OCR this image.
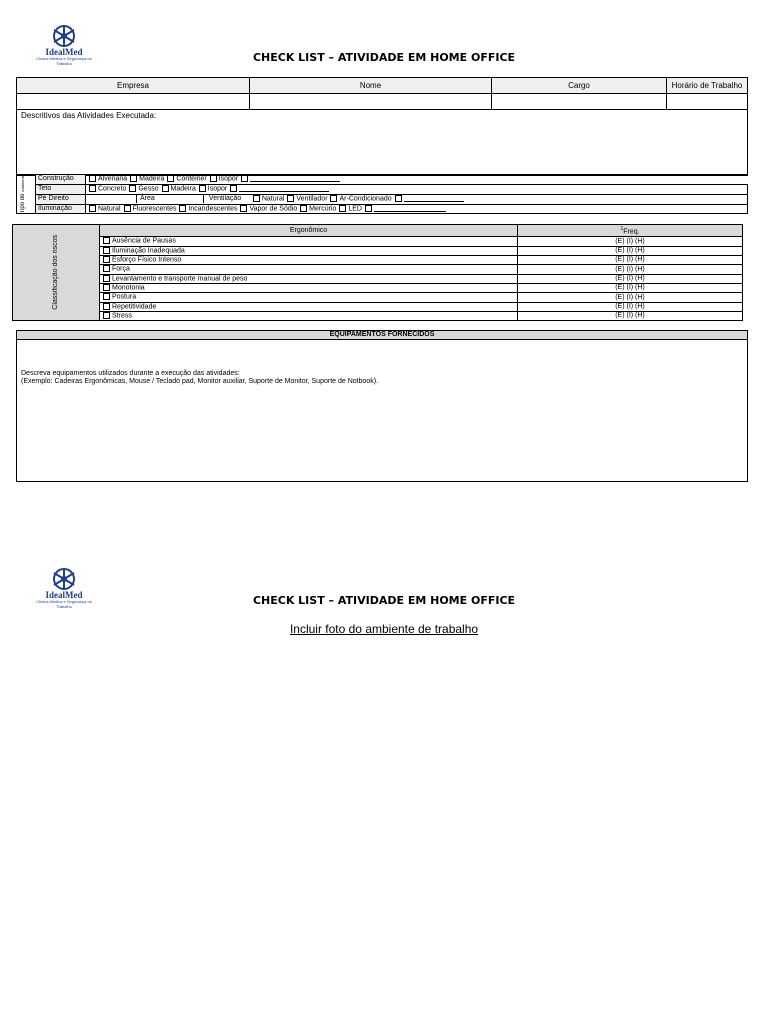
IdealMed
Clínica Medica e Segurança do Trabalho	CHECK LIST – ATIVIDADE EM HOME OFFICE
Empresa	Nome	Cargo	Horário de Trabalho

Descritivos das Atividades Executada:
Tipo de Ambiente	Construção	Alvenaria Madeira Contêiner Isopor
	Teto	Concreto Gesso Madeira Isopor
	Pé Direito	Área Ventilação Natural Ventilador Ar-Condicionado
	Iluminação	Natural Fluorescentes Incandescentes Vapor de Sódio Mercúrio LED
Classificação dos riscos	Ergonômico	$^1$Freq.
	Ausência de Pausas	(E) (I) (H)
	Iluminação Inadequada	(E) (I) (H)
	Esforço Físico Intenso	(E) (I) (H)
	Força	(E) (I) (H)
	Levantamento e transporte manual de peso	(E) (I) (H)
	Monotonia	(E) (I) (H)
	Postura	(E) (I) (H)
	Repetitividade	(E) (I) (H)
	Stress	(E) (I) (H)
EQUIPAMENTOS FORNECIDOS
Descreva equipamentos utilizados durante a execução das atividades:
(Exemplo: Cadeiras Ergonômicas, Mouse / Teclado pad, Monitor auxiliar, Suporte de Monitor, Suporte de Notbook).
IdealMed
Clínica Medica e Segurança do Trabalho	CHECK LIST – ATIVIDADE EM HOME OFFICE
Incluir foto do ambiente de trabalho
